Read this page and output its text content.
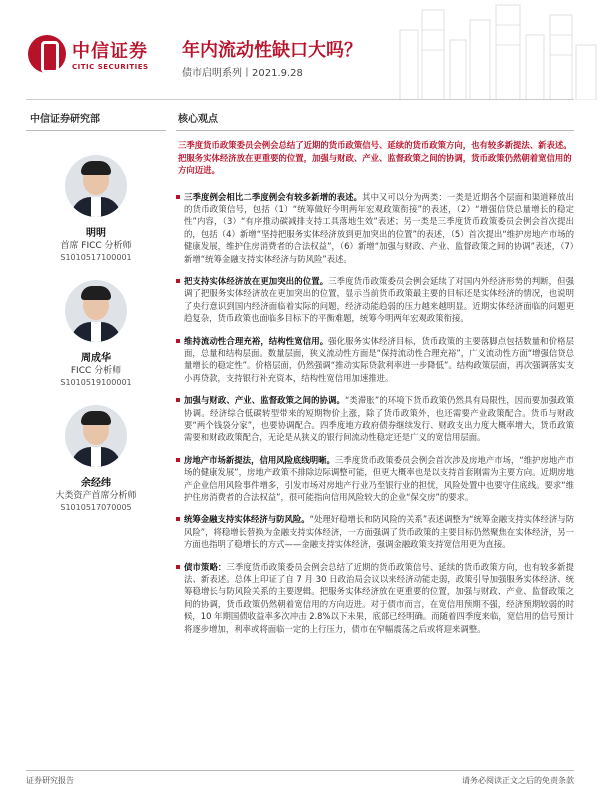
中信证券
CITIC SECURITIES
年内流动性缺口大吗？
债市启明系列丨2021.9.28
中信证券研究部
明明
首席 FICC 分析师
S1010517100001
周成华
FICC 分析师
S1010519100001
余经纬
大类资产首席分析师
S1010517070005
核心观点
三季度货币政策委员会例会总结了近期的货币政策信号、延续的货币政策方向，也有较多新提法、新表述。把服务实体经济放在更重要的位置，加强与财政、产业、监督政策之间的协调，货币政策仍然朝着宽信用的方向迈进。
三季度例会相比二季度例会有较多新增的表述。其中又可以分为两类：一类是近期各个层面和渠道释放出的货币政策信号，包括（1）“统筹做好今明两年宏观政策衔接”的表述，（2）“增强信贷总量增长的稳定性”内容，（3）“有序推动碳减排支持工具落地生效”表述；另一类是三季度货币政策委员会例会首次提出的，包括（4）新增“坚持把服务实体经济放到更加突出的位置”的表述，（5）首次提出“维护房地产市场的健康发展，维护住房消费者的合法权益”，（6）新增“加强与财政、产业、监督政策之间的协调”表述，（7）新增“统筹金融支持实体经济与防风险”表述。
把支持实体经济放在更加突出的位置。三季度货币政策委员会例会延续了对国内外经济形势的判断，但强调了把服务实体经济放在更加突出的位置，显示当前货币政策最主要的目标还是实体经济的情况，也说明了央行意识到国内经济面临着实际的问题，经济动能趋弱的压力越来越明显。近期实体经济面临的问题更趋复杂，货币政策也面临多目标下的平衡难题，统筹今明两年宏观政策衔接。
维持流动性合理充裕，结构性宽信用。强化服务实体经济目标，货币政策的主要落脚点包括数量和价格层面，总量和结构层面。数量层面，狭义流动性方面是“保持流动性合理充裕”，广义流动性方面“增强信贷总量增长的稳定性”。价格层面，仍然强调“推动实际贷款利率进一步降低”。结构政策层面，再次强调落实支小再贷款，支持银行补充资本，结构性宽信用加速推进。
加强与财政、产业、监督政策之间的协调。“类滞胀”的环境下货币政策仍然具有局限性，因而要加强政策协调。经济综合低碳转型带来的短期物价上涨，除了货币政策外，也还需要产业政策配合。货币与财政要“两个钱袋分家”，也要协调配合。四季度地方政府债券继续发行、财政支出力度大概率增大，货币政策需要和财政政策配合，无论是从狭义的银行间流动性稳定还是广义的宽信用层面。
房地产市场新提法，信用风险底线明晰。三季度货币政策委员会例会首次涉及房地产市场，“维护房地产市场的健康发展”，房地产政策不排除边际调整可能，但更大概率也是以支持首套刚需为主要方向。近期房地产企业信用风险事件增多，引发市场对房地产行业乃至银行业的担忧，风险处置中也要守住底线。要求“维护住房消费者的合法权益”，很可能指向信用风险较大的企业“保交房”的要求。
统筹金融支持实体经济与防风险。“处理好稳增长和防风险的关系”表述调整为“统筹金融支持实体经济与防风险”，将稳增长替换为金融支持实体经济，一方面强调了货币政策的主要目标仍然聚焦在实体经济，另一方面也指明了稳增长的方式——金融支持实体经济，强调金融政策支持宽信用更为直接。
债市策略：三季度货币政策委员会例会总结了近期的货币政策信号、延续的货币政策方向，也有较多新提法、新表述。总体上印证了自 7 月 30 日政治局会议以来经济动能走弱，政策引导加强服务实体经济、统筹稳增长与防风险关系的主要逻辑。把服务实体经济放在更重要的位置，加强与财政、产业、监督政策之间的协调，货币政策仍然朝着宽信用的方向迈进。对于债市而言，在宽信用预期不强，经济预期较弱的时候，10 年期国债收益率多次冲击 2.8%以下未果，底部已经明确。而随着四季度来临，宽信用的信号预计将逐步增加，利率或将面临一定的上行压力，债市在窄幅震荡之后或将迎来调整。
证券研究报告	请务必阅读正文之后的免责条款
